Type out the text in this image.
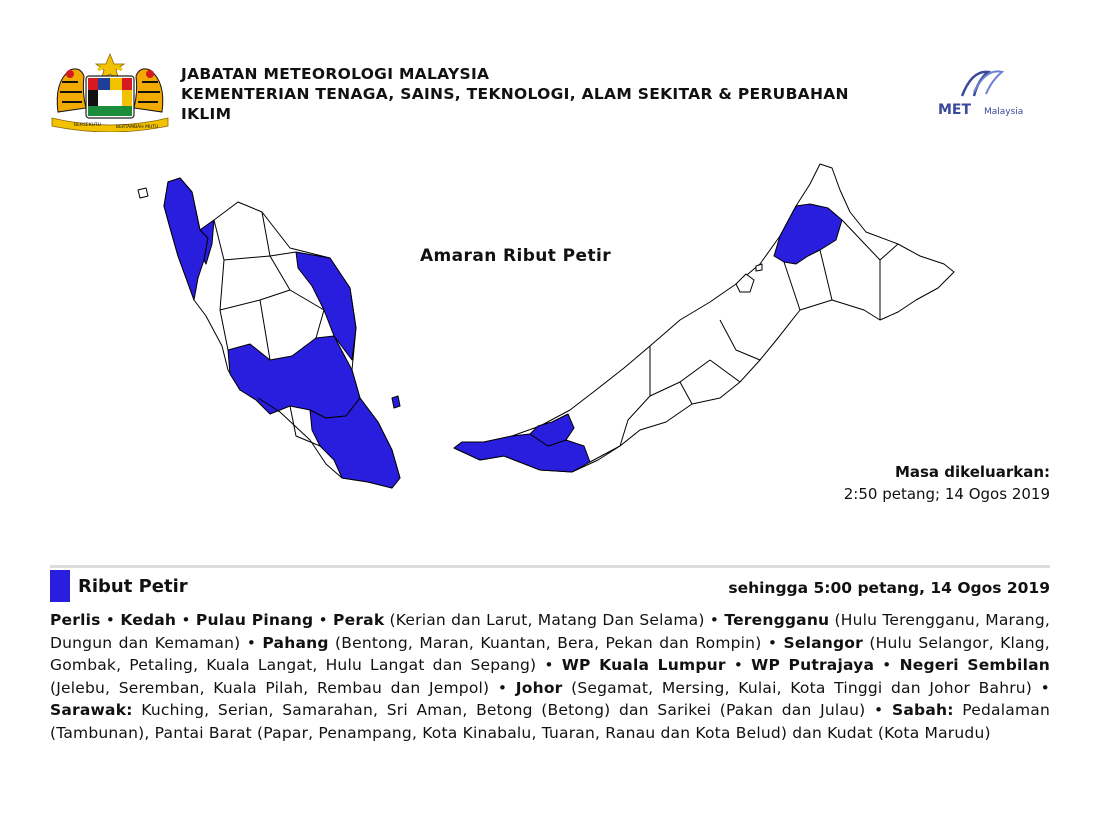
BERSEKUTU	BERTAMBAH MUTU
JABATAN METEOROLOGI MALAYSIA
KEMENTERIAN TENAGA, SAINS, TEKNOLOGI, ALAM SEKITAR & PERUBAHAN
IKLIM	MET Malaysia
Amaran Ribut Petir
Masa dikeluarkan:
2:50 petang; 14 Ogos 2019
Ribut Petir	sehingga 5:00 petang, 14 Ogos 2019
Perlis • Kedah • Pulau Pinang • Perak (Kerian dan Larut, Matang Dan Selama) • Terengganu (Hulu Terengganu, Marang, Dungun dan Kemaman) • Pahang (Bentong, Maran, Kuantan, Bera, Pekan dan Rompin) • Selangor (Hulu Selangor, Klang, Gombak, Petaling, Kuala Langat, Hulu Langat dan Sepang) • WP Kuala Lumpur • WP Putrajaya • Negeri Sembilan (Jelebu, Seremban, Kuala Pilah, Rembau dan Jempol) • Johor (Segamat, Mersing, Kulai, Kota Tinggi dan Johor Bahru) • Sarawak: Kuching, Serian, Samarahan, Sri Aman, Betong (Betong) dan Sarikei (Pakan dan Julau) • Sabah: Pedalaman (Tambunan), Pantai Barat (Papar, Penampang, Kota Kinabalu, Tuaran, Ranau dan Kota Belud) dan Kudat (Kota Marudu)
